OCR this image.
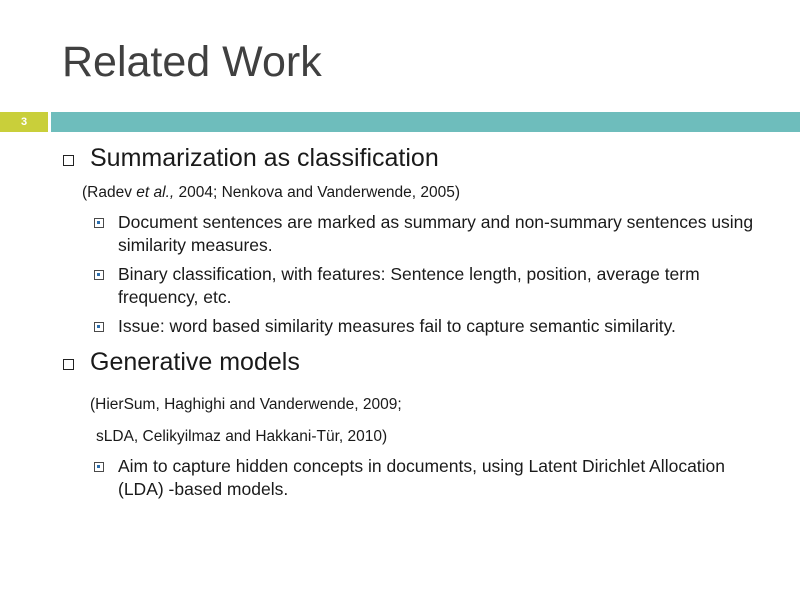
Related Work
3
Summarization as classification
(Radev et al., 2004; Nenkova and Vanderwende, 2005)
Document sentences are marked as summary and non-summary sentences using similarity measures.
Binary classification, with features: Sentence length, position, average term frequency, etc.
Issue: word based similarity measures fail to capture semantic similarity.
Generative models
(HierSum, Haghighi and Vanderwende, 2009;
sLDA, Celikyilmaz and Hakkani-Tür, 2010)
Aim to capture hidden concepts in documents, using Latent Dirichlet Allocation (LDA) -based models.
